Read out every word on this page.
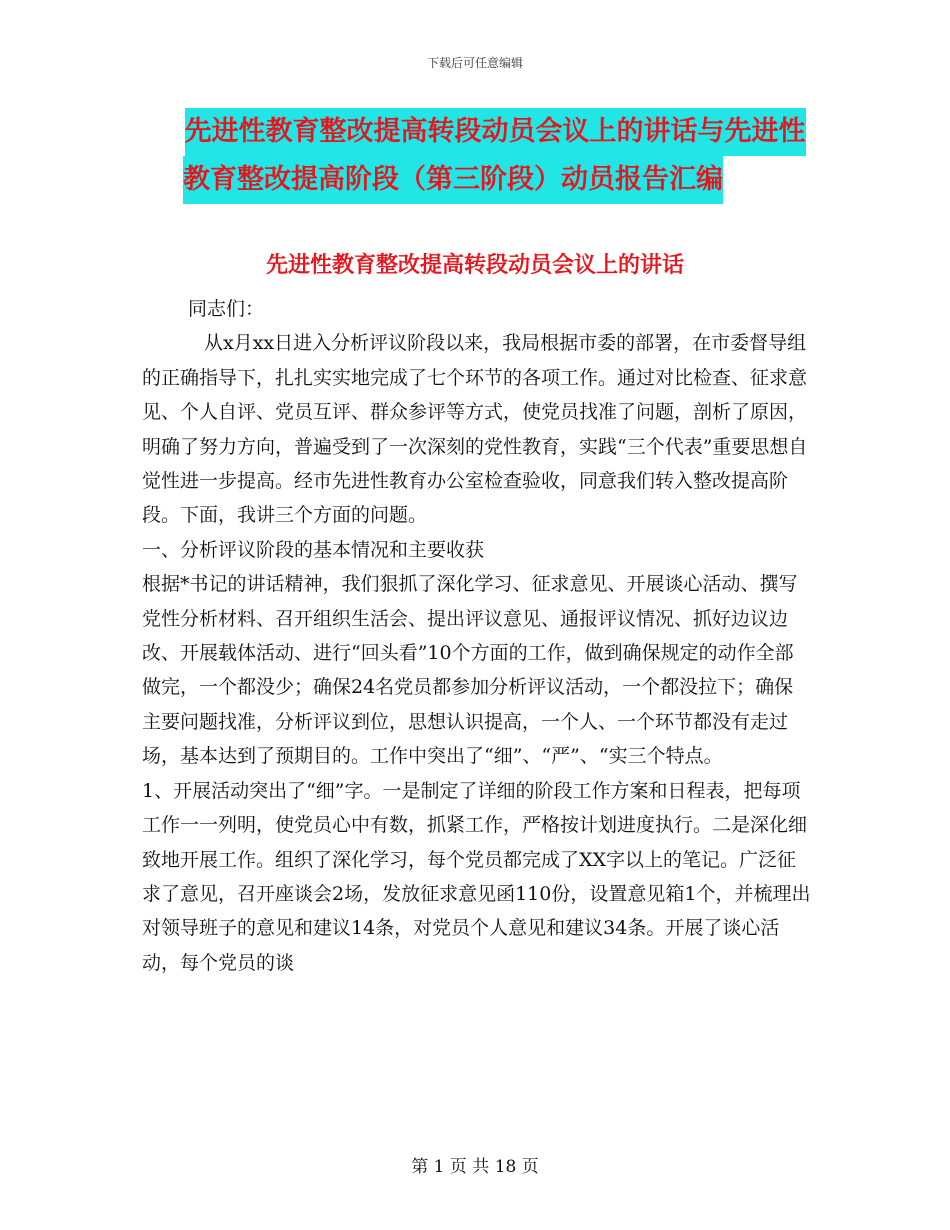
下载后可任意编辑
先进性教育整改提高转段动员会议上的讲话与先进性
教育整改提高阶段（第三阶段）动员报告汇编
先进性教育整改提高转段动员会议上的讲话

同志们：

从x月xx日进入分析评议阶段以来，我局根据市委的部署，在市委督导组的正确指导下，扎扎实实地完成了七个环节的各项工作。通过对比检查、征求意见、个人自评、党员互评、群众参评等方式，使党员找准了问题，剖析了原因，明确了努力方向，普遍受到了一次深刻的党性教育，实践“三个代表”重要思想自觉性进一步提高。经市先进性教育办公室检查验收，同意我们转入整改提高阶段。下面，我讲三个方面的问题。

一、分析评议阶段的基本情况和主要收获

根据*书记的讲话精神，我们狠抓了深化学习、征求意见、开展谈心活动、撰写党性分析材料、召开组织生活会、提出评议意见、通报评议情况、抓好边议边改、开展载体活动、进行“回头看”10个方面的工作，做到确保规定的动作全部做完，一个都没少；确保24名党员都参加分析评议活动，一个都没拉下；确保主要问题找准，分析评议到位，思想认识提高，一个人、一个环节都没有走过场，基本达到了预期目的。工作中突出了“细”、“严”、“实三个特点。

1、开展活动突出了“细”字。一是制定了详细的阶段工作方案和日程表，把每项工作一一列明，使党员心中有数，抓紧工作，严格按计划进度执行。二是深化细致地开展工作。组织了深化学习，每个党员都完成了XX字以上的笔记。广泛征求了意见，召开座谈会2场，发放征求意见函110份，设置意见箱1个，并梳理出对领导班子的意见和建议14条，对党员个人意见和建议34条。开展了谈心活动，每个党员的谈

第 1 页 共 18 页
